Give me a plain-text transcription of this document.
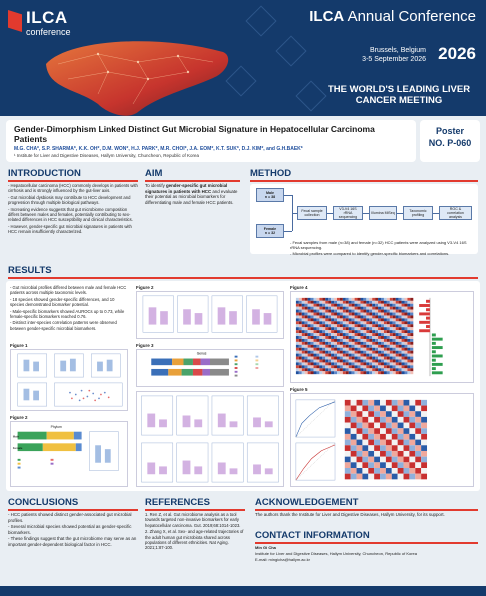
ILCA
conference
ILCA Annual Conference
Brussels, Belgium
3-5 September 2026 2026
THE WORLD'S LEADING LIVER CANCER MEETING
Gender-Dimorphism Linked Distinct Gut Microbial Signature in Hepatocellular Carcinoma Patients
M.G. CHA*, S.P. SHARMA*, K.K. OH*, D.M. WON*, H.J. PARK*, M.R. CHOI*, J.A. EOM*, K.T. SUK*, D.J. KIM*, and G.H.BAEK*
¹ Institute for Liver and Digestive Diseases, Hallym University, Chuncheon, Republic of Korea
Poster
NO. P-060
INTRODUCTION

- Hepatocellular carcinoma (HCC) commonly develops in patients with cirrhosis and is strongly influenced by the gut-liver axis.

- Gut microbial dysbiosis may contribute to HCC development and progression through multiple biological pathways.

- Increasing evidence suggests that gut microbiome composition differs between males and females, potentially contributing to sex-related differences in HCC susceptibility and clinical characteristics.

- However, gender-specific gut microbial signatures in patients with HCC remain insufficiently characterized.

AIM
To identify gender-specific gut microbial signatures in patients with HCC and evaluate their potential as microbial biomarkers for differentiating male and female HCC patients.
METHOD
Male
n = 38
Female
n = 32
Fecal sample collection
V3-V4 16S rRNA sequencing
Illumina MiSeq	Taxonomic profiling
ROC & correlation analysis

- Fecal samples from male (n=38) and female (n=32) HCC patients were analyzed using V3-V4 16S rRNA sequencing.

- Microbial profiles were compared to identify gender-specific biomarkers and correlations.

RESULTS

- Gut microbial profiles differed between male and female HCC patients across multiple taxonomic levels.

- 18 species showed gender-specific differences, and 10 species demonstrated biomarker potential.

- Male-specific biomarkers showed AUROCs up to 0.73, while female-specific biomarkers reached 0.76.

- Distinct inter-species correlation patterns were observed between gender-specific microbial biomarkers.

Figure 1
Figure 2
Phylum
Male
Female
Figure 2
Figure 3
Genus
Figure 4
Figure 5
CONCLUSIONS

- HCC patients showed distinct gender-associated gut microbial profiles.

- Several microbial species showed potential as gender-specific biomarkers.

- These findings suggest that the gut microbiome may serve as an important gender-dependent biological factor in HCC.

REFERENCES

1. Ren Z, et al. Gut microbiome analysis as a tool towards targeted non-invasive biomarkers for early hepatocellular carcinoma. Gut. 2019;68:1014-1023.

2. Zhang X, et al. Sex- and age-related trajectories of the adult human gut microbiota shared across populations of different ethnicities. Nat Aging. 2021;1:87-100.

ACKNOWLEDGEMENT
The authors thank the Institute for Liver and Digestive Diseases, Hallym University, for its support.
CONTACT INFORMATION

Min Gi Cha

Institute for Liver and Digestive Diseases, Hallym University, Chuncheon, Republic of Korea

E-mail: mingicha@hallym.ac.kr
